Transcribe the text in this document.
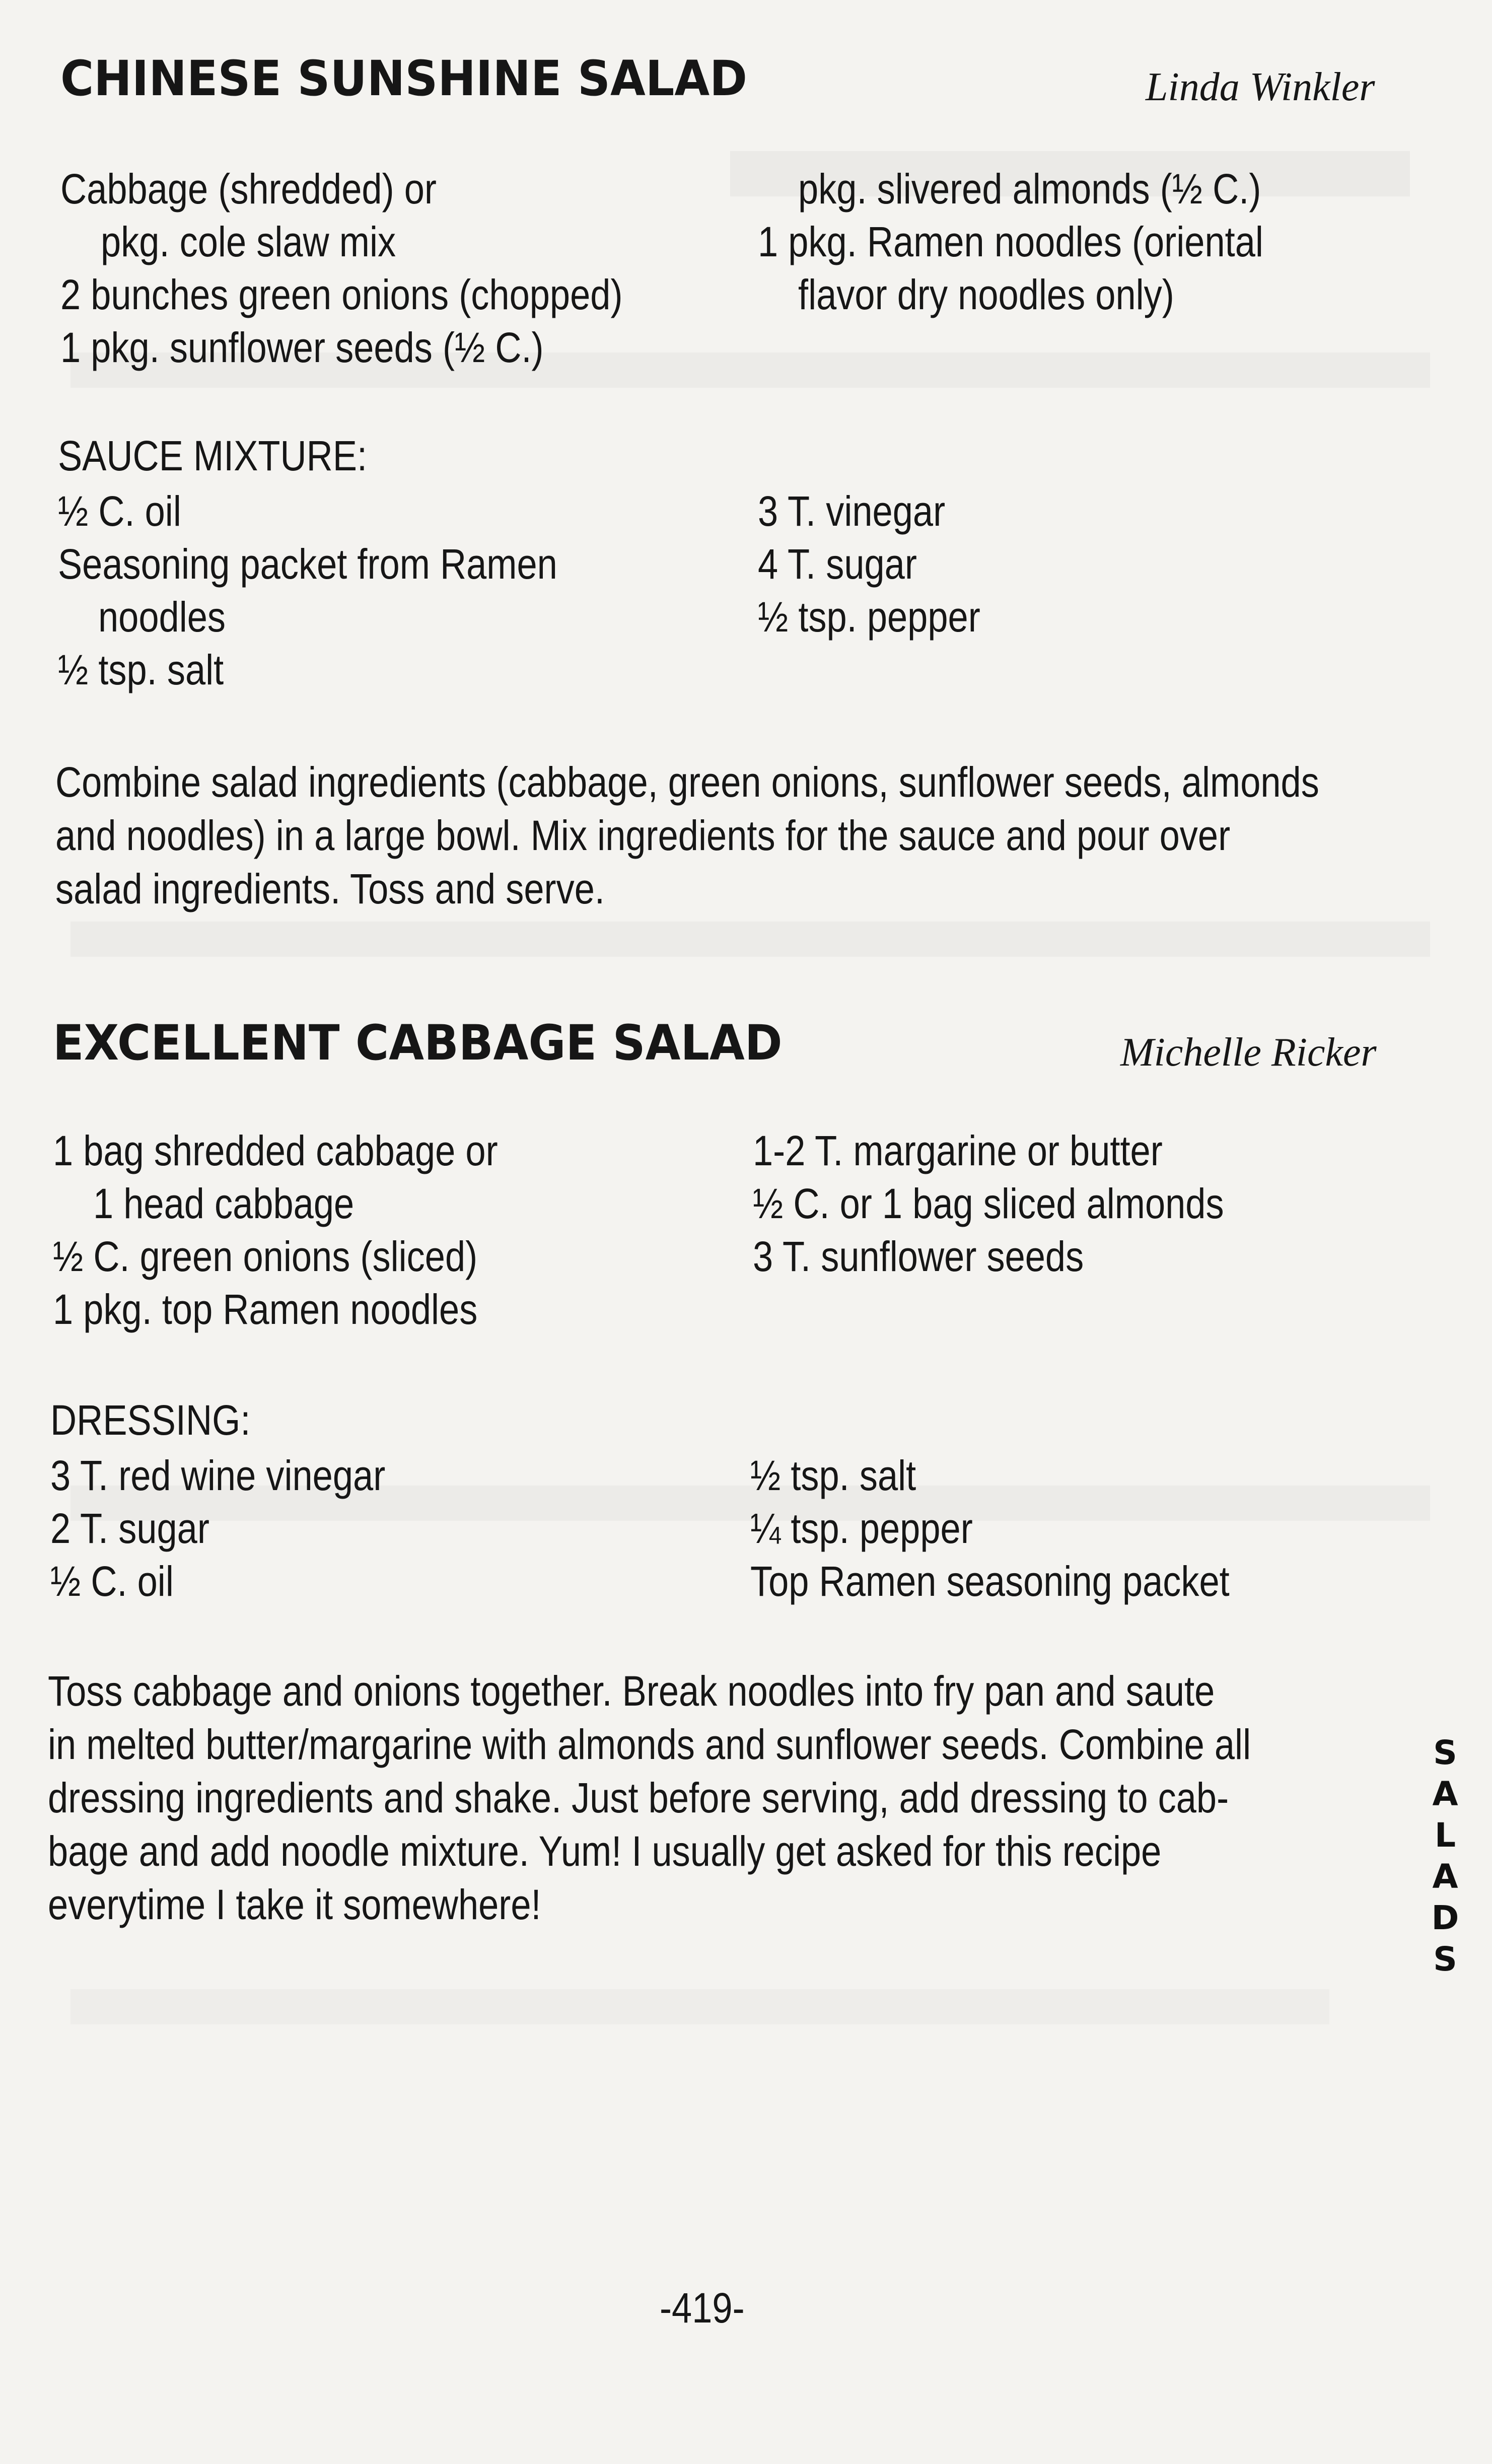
CHINESE SUNSHINE SALAD	Linda Winkler

Cabbage (shredded) or

pkg. cole slaw mix

2 bunches green onions (chopped)

1 pkg. sunflower seeds (½ C.)

pkg. slivered almonds (½ C.)

1 pkg. Ramen noodles (oriental

flavor dry noodles only)

SAUCE MIXTURE:

½ C. oil

Seasoning packet from Ramen

noodles

½ tsp. salt

3 T. vinegar

4 T. sugar

½ tsp. pepper

Combine salad ingredients (cabbage, green onions, sunflower seeds, almonds
and noodles) in a large bowl. Mix ingredients for the sauce and pour over
salad ingredients. Toss and serve.
EXCELLENT CABBAGE SALAD	Michelle Ricker

1 bag shredded cabbage or

1 head cabbage

½ C. green onions (sliced)

1 pkg. top Ramen noodles

1-2 T. margarine or butter

½ C. or 1 bag sliced almonds

3 T. sunflower seeds

DRESSING:

3 T. red wine vinegar

2 T. sugar

½ C. oil

½ tsp. salt

¼ tsp. pepper

Top Ramen seasoning packet

Toss cabbage and onions together. Break noodles into fry pan and saute
in melted butter/margarine with almonds and sunflower seeds. Combine all
dressing ingredients and shake. Just before serving, add dressing to cab-
bage and add noodle mixture. Yum! I usually get asked for this recipe
everytime I take it somewhere!
S
A
L
A
D
S

-419-
